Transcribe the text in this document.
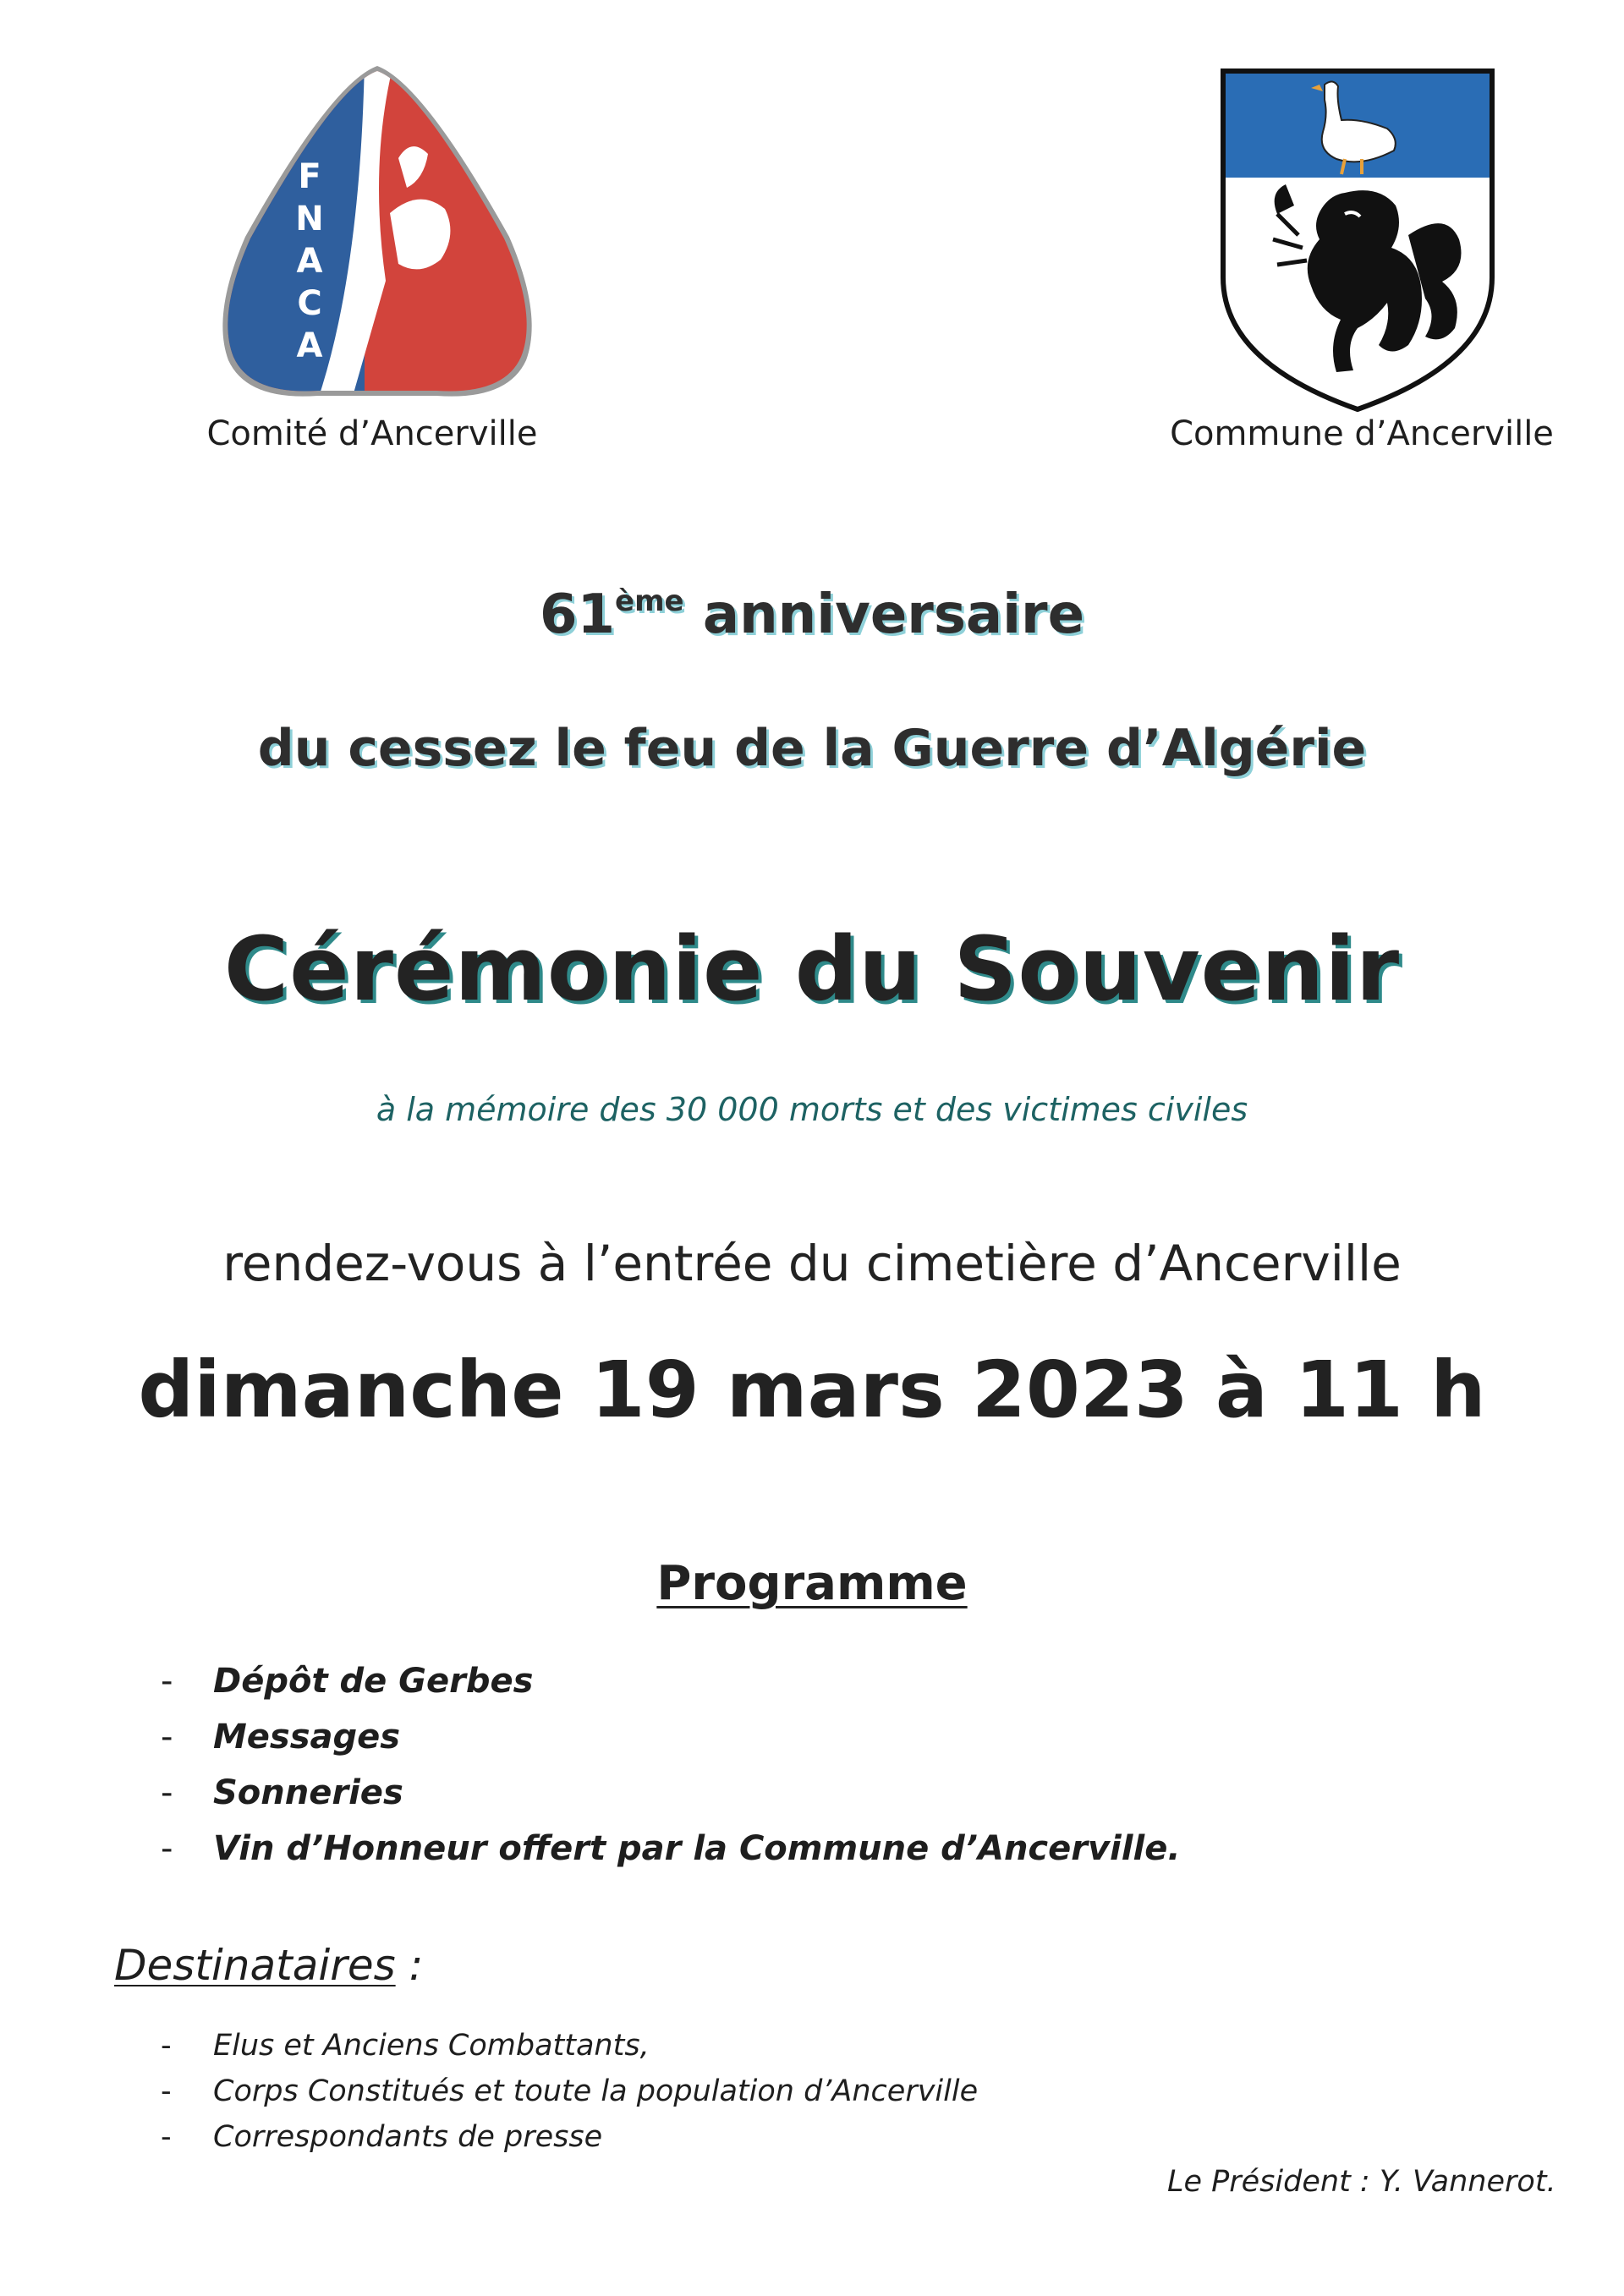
F
N
A
C
A
Comité d’Ancerville	Commune d’Ancerville
61ème anniversaire
du cessez le feu de la Guerre d’Algérie
Cérémonie du Souvenir
à la mémoire des 30 000 morts et des victimes civiles
rendez-vous à l’entrée du cimetière d’Ancerville
dimanche 19 mars 2023 à 11 h
Programme
- Dépôt de Gerbes
- Messages
- Sonneries
- Vin d’Honneur offert par la Commune d’Ancerville.
Destinataires :
- Elus et Anciens Combattants,
- Corps Constitués et toute la population d’Ancerville
- Correspondants de presse
Le Président : Y. Vannerot.
